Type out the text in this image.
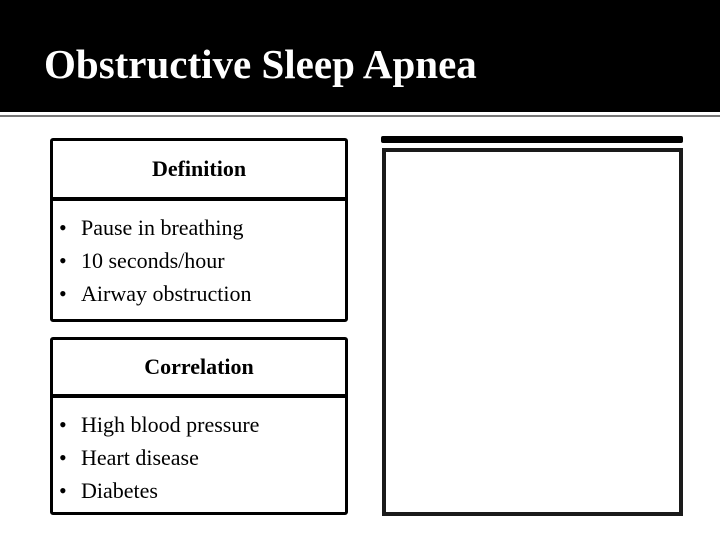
Obstructive Sleep Apnea
Definition
• Pause in breathing
• 10 seconds/hour
• Airway obstruction
Correlation
• High blood pressure
• Heart disease
• Diabetes
